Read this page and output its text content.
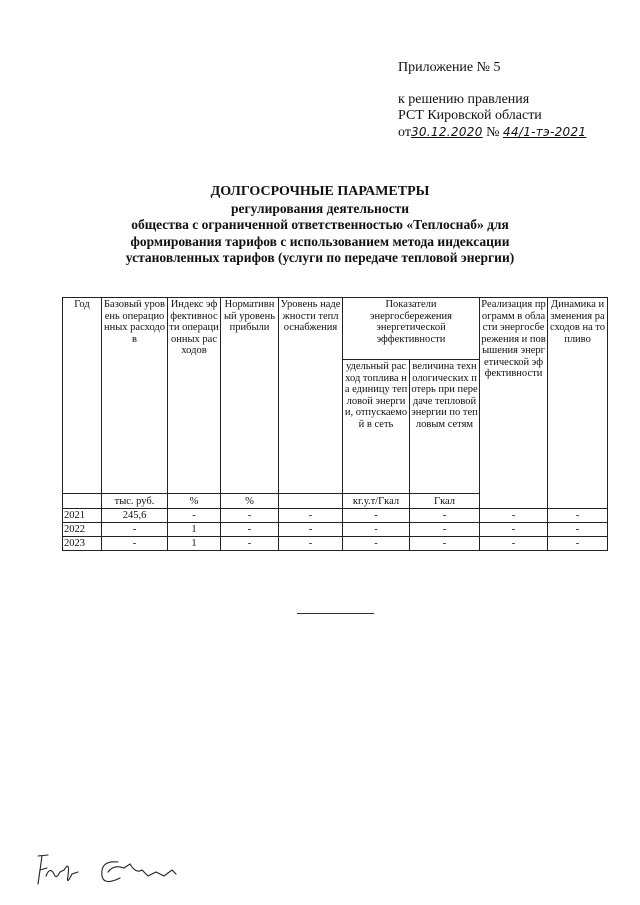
Приложение № 5
к решению правления
РСТ Кировской области
от30.12.2020 № 44/1-тэ-2021
ДОЛГОСРОЧНЫЕ ПАРАМЕТРЫ
регулирования деятельности
общества с ограниченной ответственностью «Теплоснаб» для
формирования тарифов с использованием метода индексации
установленных тарифов (услуги по передаче тепловой энергии)
Год	Базовый уровень операционных расходов	Индекс эффективности операционных расходов	Нормативный уровень прибыли	Уровень надежности теплоснабжения	Показатели энергосбережения энергетической эффективности		Реализация программ в области энергосбережения и повышения энергетической эффективности	Динамика изменения расходов на топливо
					удельный расход топлива на единицу тепловой энергии, отпускаемой в сеть	величина технологических потерь при передаче тепловой энергии по тепловым сетям		
	тыс. руб.	%	%		кг.у.т/Гкал	Гкал		
2021	245,6	-	-	-	-	-	-	-
2022	-	1	-	-	-	-	-	-
2023	-	1	-	-	-	-	-	-
